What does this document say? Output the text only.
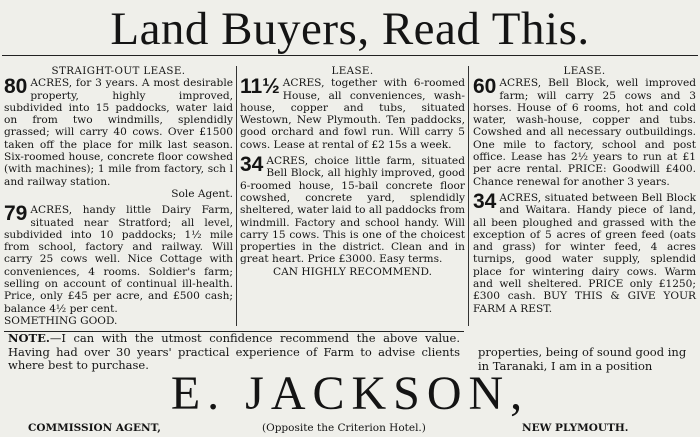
Land Buyers, Read This.
STRAIGHT-OUT LEASE.
80 ACRES, for 3 years. A most desirable property, highly improved, subdivided into 15 paddocks, water laid on from two windmills, splendidly grassed; will carry 40 cows. Over £1500 taken off the place for milk last season. Six-roomed house, concrete floor cowshed (with machines); 1 mile from factory, sch l and railway station.
Sole Agent.
79 ACRES, handy little Dairy Farm, situated near Stratford; all level, subdivided into 10 paddocks; 1½ mile from school, factory and railway. Will carry 25 cows well. Nice Cottage with conveniences, 4 rooms. Soldier's farm; selling on account of continual ill-health. Price, only £45 per acre, and £500 cash; balance 4½ per cent.
SOMETHING GOOD.
LEASE.
11½ ACRES, together with 6-roomed House, all conveniences, wash-house, copper and tubs, situated Westown, New Plymouth. Ten paddocks, good orchard and fowl run. Will carry 5 cows. Lease at rental of £2 15s a week.
34 ACRES, choice little farm, situated Bell Block, all highly improved, good 6-roomed house, 15-bail concrete floor cowshed, concrete yard, splendidly sheltered, water laid to all paddocks from windmill. Factory and school handy. Will carry 15 cows. This is one of the choicest properties in the district. Clean and in great heart. Price £3000. Easy terms.
CAN HIGHLY RECOMMEND.
LEASE.
60 ACRES, Bell Block, well improved farm; will carry 25 cows and 3 horses. House of 6 rooms, hot and cold water, wash-house, copper and tubs. Cowshed and all necessary outbuildings. One mile to factory, school and post office. Lease has 2½ years to run at £1 per acre rental. PRICE: Goodwill £400. Chance renewal for another 3 years.
34 ACRES, situated between Bell Block and Waitara. Handy piece of land, all been ploughed and grassed with the exception of 5 acres of green feed (oats and grass) for winter feed, 4 acres turnips, good water supply, splendid place for wintering dairy cows. Warm and well sheltered. PRICE only £1250; £300 cash. BUY THIS & GIVE YOUR FARM A REST.
NOTE.—I can with the utmost confidence recommend the above value. Having had over 30 years' practical experience of Farm to advise clients where best to purchase.
properties, being of sound good ing in Taranaki, I am in a position
E. JACKSON,
COMMISSION AGENT,	(Opposite the Criterion Hotel.)	NEW PLYMOUTH.
